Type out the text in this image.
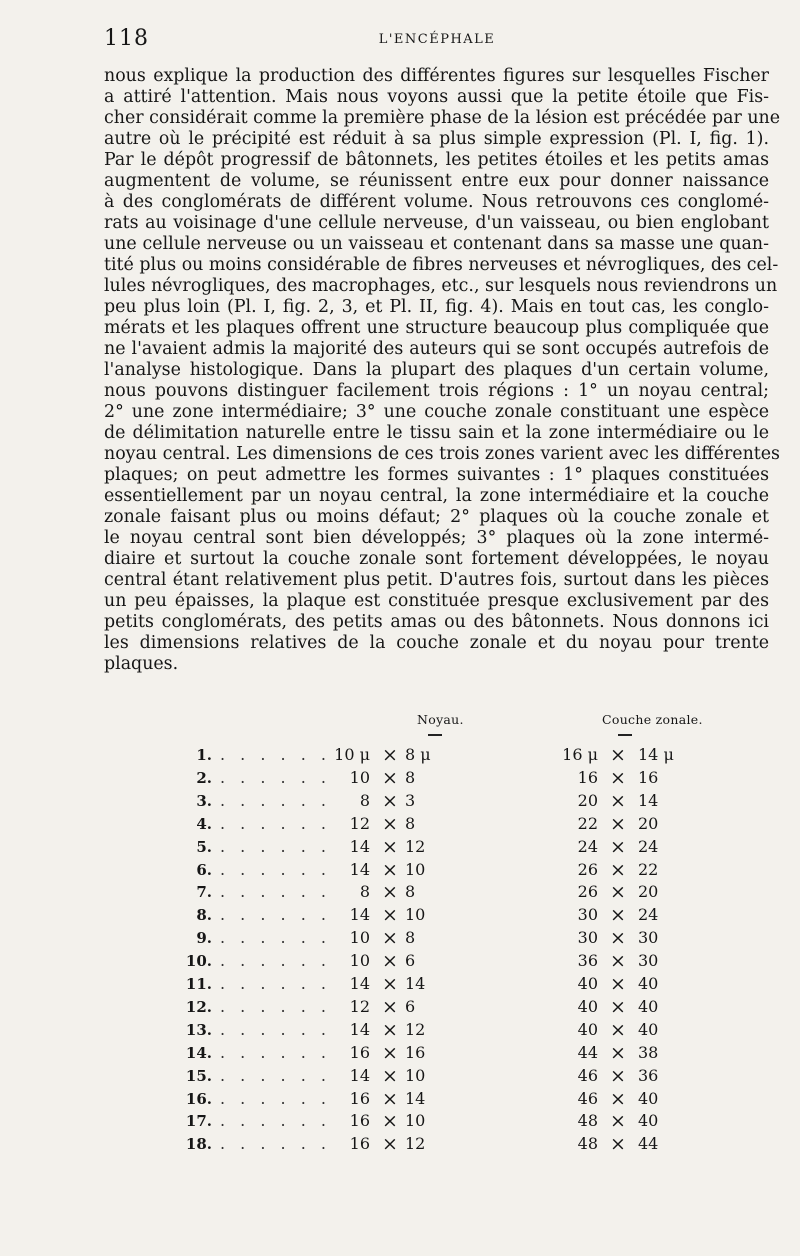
118	L'ENCÉPHALE
nous explique la production des différentes figures sur lesquelles Fischer
a attiré l'attention. Mais nous voyons aussi que la petite étoile que Fis-
cher considérait comme la première phase de la lésion est précédée par une
autre où le précipité est réduit à sa plus simple expression (Pl. I, fig. 1).
Par le dépôt progressif de bâtonnets, les petites étoiles et les petits amas
augmentent de volume, se réunissent entre eux pour donner naissance
à des conglomérats de différent volume. Nous retrouvons ces conglomé-
rats au voisinage d'une cellule nerveuse, d'un vaisseau, ou bien englobant
une cellule nerveuse ou un vaisseau et contenant dans sa masse une quan-
tité plus ou moins considérable de fibres nerveuses et névrogliques, des cel-
lules névrogliques, des macrophages, etc., sur lesquels nous reviendrons un
peu plus loin (Pl. I, fig. 2, 3, et Pl. II, fig. 4). Mais en tout cas, les conglo-
mérats et les plaques offrent une structure beaucoup plus compliquée que
ne l'avaient admis la majorité des auteurs qui se sont occupés autrefois de
l'analyse histologique. Dans la plupart des plaques d'un certain volume,
nous pouvons distinguer facilement trois régions : 1° un noyau central;
2° une zone intermédiaire; 3° une couche zonale constituant une espèce
de délimitation naturelle entre le tissu sain et la zone intermédiaire ou le
noyau central. Les dimensions de ces trois zones varient avec les différentes
plaques; on peut admettre les formes suivantes : 1° plaques constituées
essentiellement par un noyau central, la zone intermédiaire et la couche
zonale faisant plus ou moins défaut; 2° plaques où la couche zonale et
le noyau central sont bien développés; 3° plaques où la zone intermé-
diaire et surtout la couche zonale sont fortement développées, le noyau
central étant relativement plus petit. D'autres fois, surtout dans les pièces
un peu épaisses, la plaque est constituée presque exclusivement par des
petits conglomérats, des petits amas ou des bâtonnets. Nous donnons ici
les dimensions relatives de la couche zonale et du noyau pour trente
plaques.
Noyau.	Couche zonale.
1. . . . . . . 10 μ × 8 μ	16 μ × 14 μ
2. . . . . . .	10 × 8	16 × 16
3. . . . . . .	8 × 3	20 × 14
4. . . . . . .	12 × 8	22 × 20
5. . . . . . .	14 × 12	24 × 24
6. . . . . . .	14 × 10	26 × 22
7. . . . . . .	8 × 8	26 × 20
8. . . . . . .	14 × 10	30 × 24
9. . . . . . .	10 × 8	30 × 30
10. . . . . . .	10 × 6	36 × 30
11. . . . . . .	14 × 14	40 × 40
12. . . . . . .	12 × 6	40 × 40
13. . . . . . .	14 × 12	40 × 40
14. . . . . . .	16 × 16	44 × 38
15. . . . . . .	14 × 10	46 × 36
16. . . . . . .	16 × 14	46 × 40
17. . . . . . .	16 × 10	48 × 40
18. . . . . . .	16 × 12	48 × 44
